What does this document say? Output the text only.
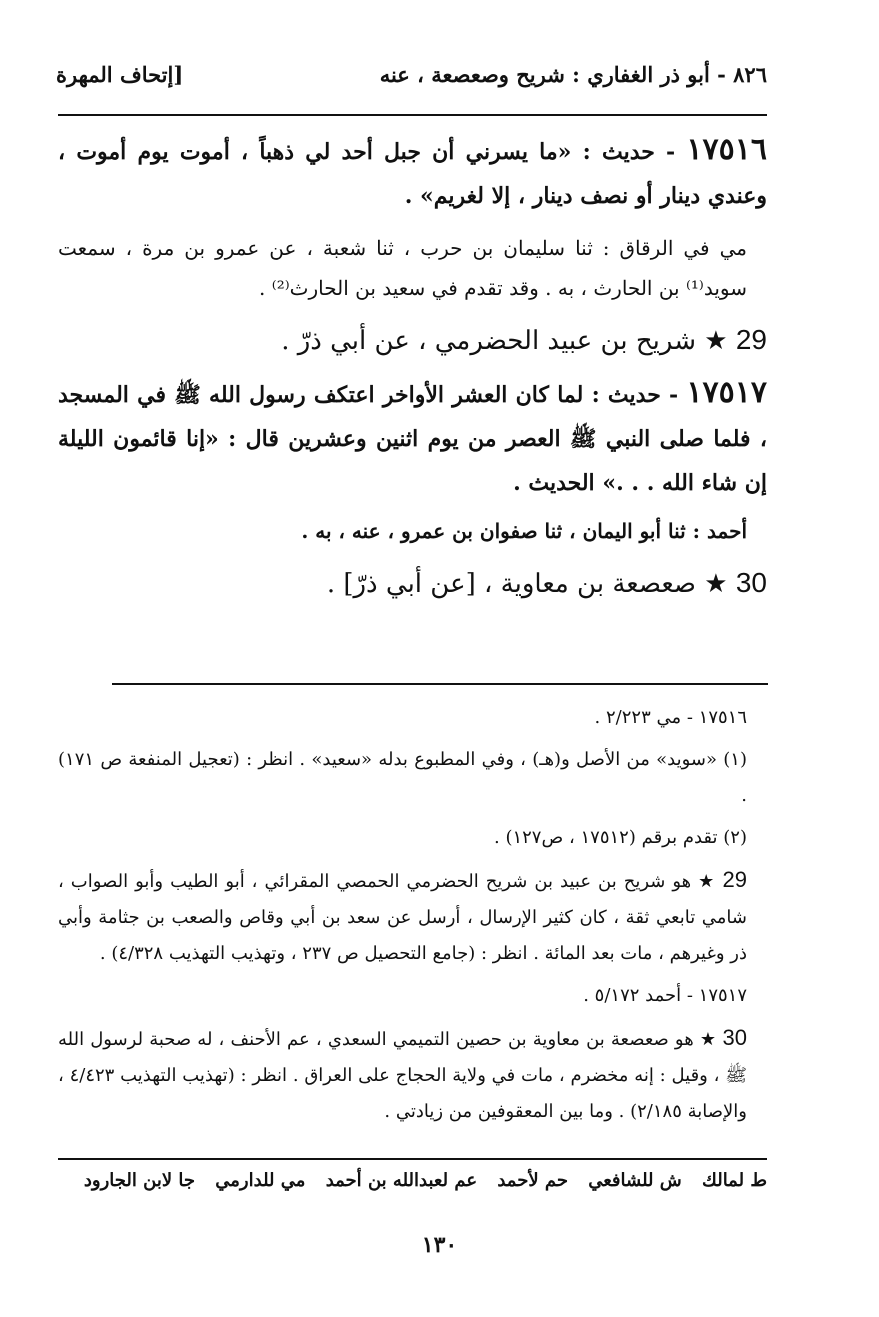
٨٢٦ - أبو ذر الغفاري : شريح وصعصعة ، عنه
[إتحاف المهرة

١٧٥١٦ - حديث : «ما يسرني أن جبل أحد لي ذهباً ، أموت يوم أموت ، وعندي دينار أو نصف دينار ، إلا لغريم» .

مي في الرقاق : ثنا سليمان بن حرب ، ثنا شعبة ، عن عمرو بن مرة ، سمعت سويد⁽¹⁾ بن الحارث ، به . وقد تقدم في سعيد بن الحارث⁽²⁾ .

29 ★ شريح بن عبيد الحضرمي ، عن أبي ذرّ .

١٧٥١٧ - حديث : لما كان العشر الأواخر اعتكف رسول الله ﷺ في المسجد ، فلما صلى النبي ﷺ العصر من يوم اثنين وعشرين قال : «إنا قائمون الليلة إن شاء الله . . .» الحديث .

أحمد : ثنا أبو اليمان ، ثنا صفوان بن عمرو ، عنه ، به .

30 ★ صعصعة بن معاوية ، [عن أبي ذرّ] .

١٧٥١٦ - مي ٢/٢٢٣ .

(١) «سويد» من الأصل و(هـ) ، وفي المطبوع بدله «سعيد» . انظر : (تعجيل المنفعة ص ١٧١) .

(٢) تقدم برقم (١٧٥١٢ ، ص١٢٧) .

29 ★ هو شريح بن عبيد بن شريح الحضرمي الحمصي المقرائي ، أبو الطيب وأبو الصواب ، شامي تابعي ثقة ، كان كثير الإرسال ، أرسل عن سعد بن أبي وقاص والصعب بن جثامة وأبي ذر وغيرهم ، مات بعد المائة . انظر : (جامع التحصيل ص ٢٣٧ ، وتهذيب التهذيب ٤/٣٢٨) .

١٧٥١٧ - أحمد ٥/١٧٢ .

30 ★ هو صعصعة بن معاوية بن حصين التميمي السعدي ، عم الأحنف ، له صحبة لرسول الله ﷺ ، وقيل : إنه مخضرم ، مات في ولاية الحجاج على العراق . انظر : (تهذيب التهذيب ٤/٤٢٣ ، والإصابة ٢/١٨٥) . وما بين المعقوفين من زيادتي .

ط لمالك ش للشافعي حم لأحمد عم لعبدالله بن أحمد مي للدارمي جا لابن الجارود
١٣٠
